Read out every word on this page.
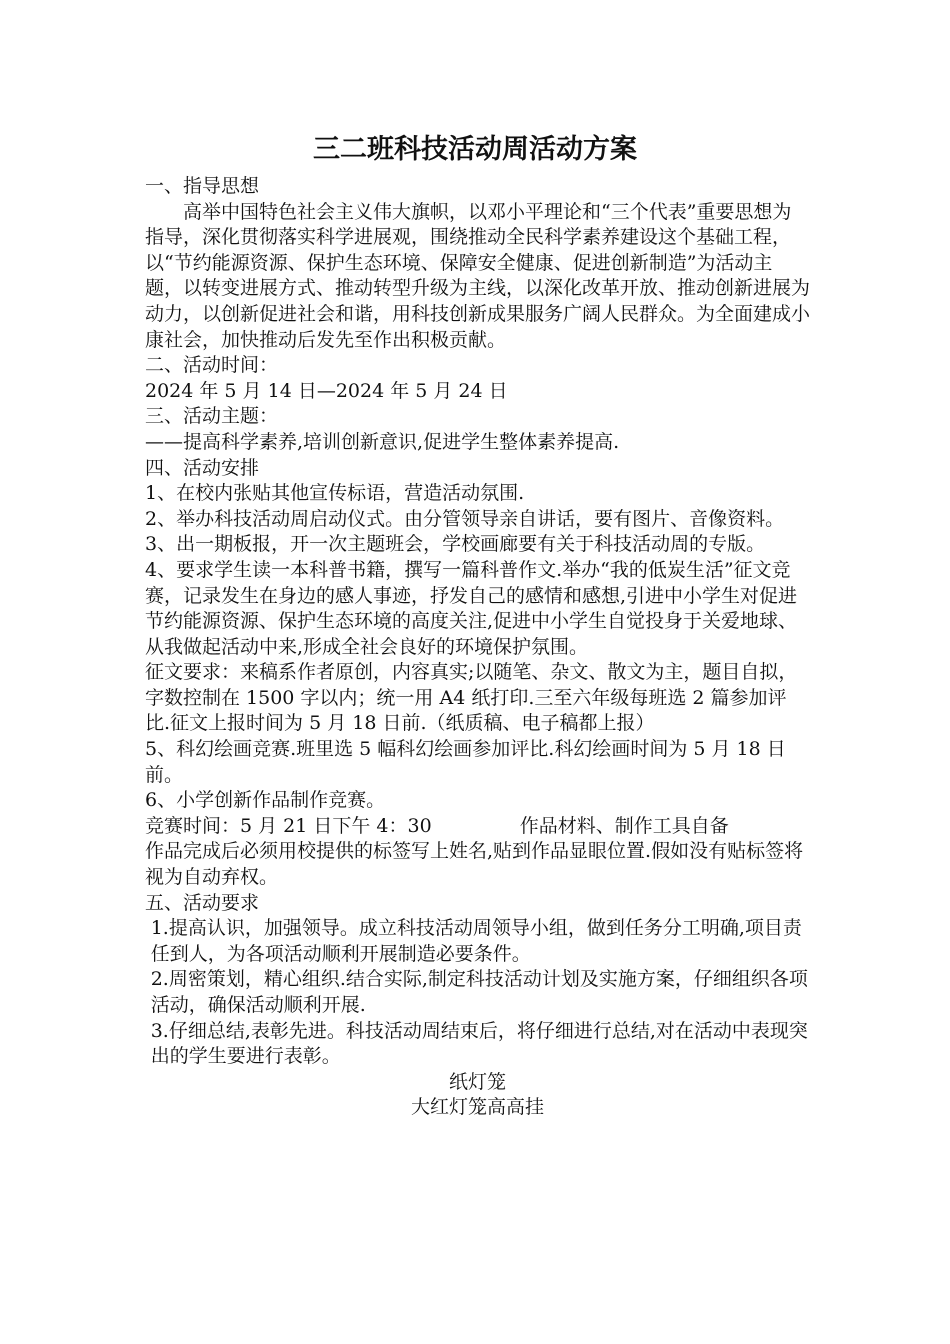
三二班科技活动周活动方案

一、指导思想

高举中国特色社会主义伟大旗帜，以邓小平理论和“三个代表”重要思想为指导，深化贯彻落实科学进展观，围绕推动全民科学素养建设这个基础工程，以“节约能源资源、保护生态环境、保障安全健康、促进创新制造”为活动主题，以转变进展方式、推动转型升级为主线，以深化改革开放、推动创新进展为动力，以创新促进社会和谐，用科技创新成果服务广阔人民群众。为全面建成小康社会，加快推动后发先至作出积极贡献。

二、活动时间：

2024 年 5 月 14 日—2024 年 5 月 24 日

三、活动主题：

——提高科学素养,培训创新意识,促进学生整体素养提高.

四、活动安排

1、在校内张贴其他宣传标语，营造活动氛围.

2、举办科技活动周启动仪式。由分管领导亲自讲话，要有图片、音像资料。

3、出一期板报，开一次主题班会，学校画廊要有关于科技活动周的专版。

4、要求学生读一本科普书籍，撰写一篇科普作文.举办“我的低炭生活”征文竞赛，记录发生在身边的感人事迹，抒发自己的感情和感想,引进中小学生对促进节约能源资源、保护生态环境的高度关注,促进中小学生自觉投身于关爱地球、从我做起活动中来,形成全社会良好的环境保护氛围。

征文要求：来稿系作者原创，内容真实;以随笔、杂文、散文为主，题目自拟，字数控制在 1500 字以内；统一用 A4 纸打印.三至六年级每班选 2 篇参加评比.征文上报时间为 5 月 18 日前.（纸质稿、电子稿都上报）

5、科幻绘画竞赛.班里选 5 幅科幻绘画参加评比.科幻绘画时间为 5 月 18 日前。

6、小学创新作品制作竞赛。

竞赛时间：5 月 21 日下午 4：30	作品材料、制作工具自备

作品完成后必须用校提供的标签写上姓名,贴到作品显眼位置.假如没有贴标签将视为自动弃权。

五、活动要求

1.提高认识，加强领导。成立科技活动周领导小组，做到任务分工明确,项目责任到人，为各项活动顺利开展制造必要条件。

2.周密策划，精心组织.结合实际,制定科技活动计划及实施方案，仔细组织各项活动，确保活动顺利开展.

3.仔细总结,表彰先进。科技活动周结束后，将仔细进行总结,对在活动中表现突出的学生要进行表彰。

纸灯笼

大红灯笼高高挂
